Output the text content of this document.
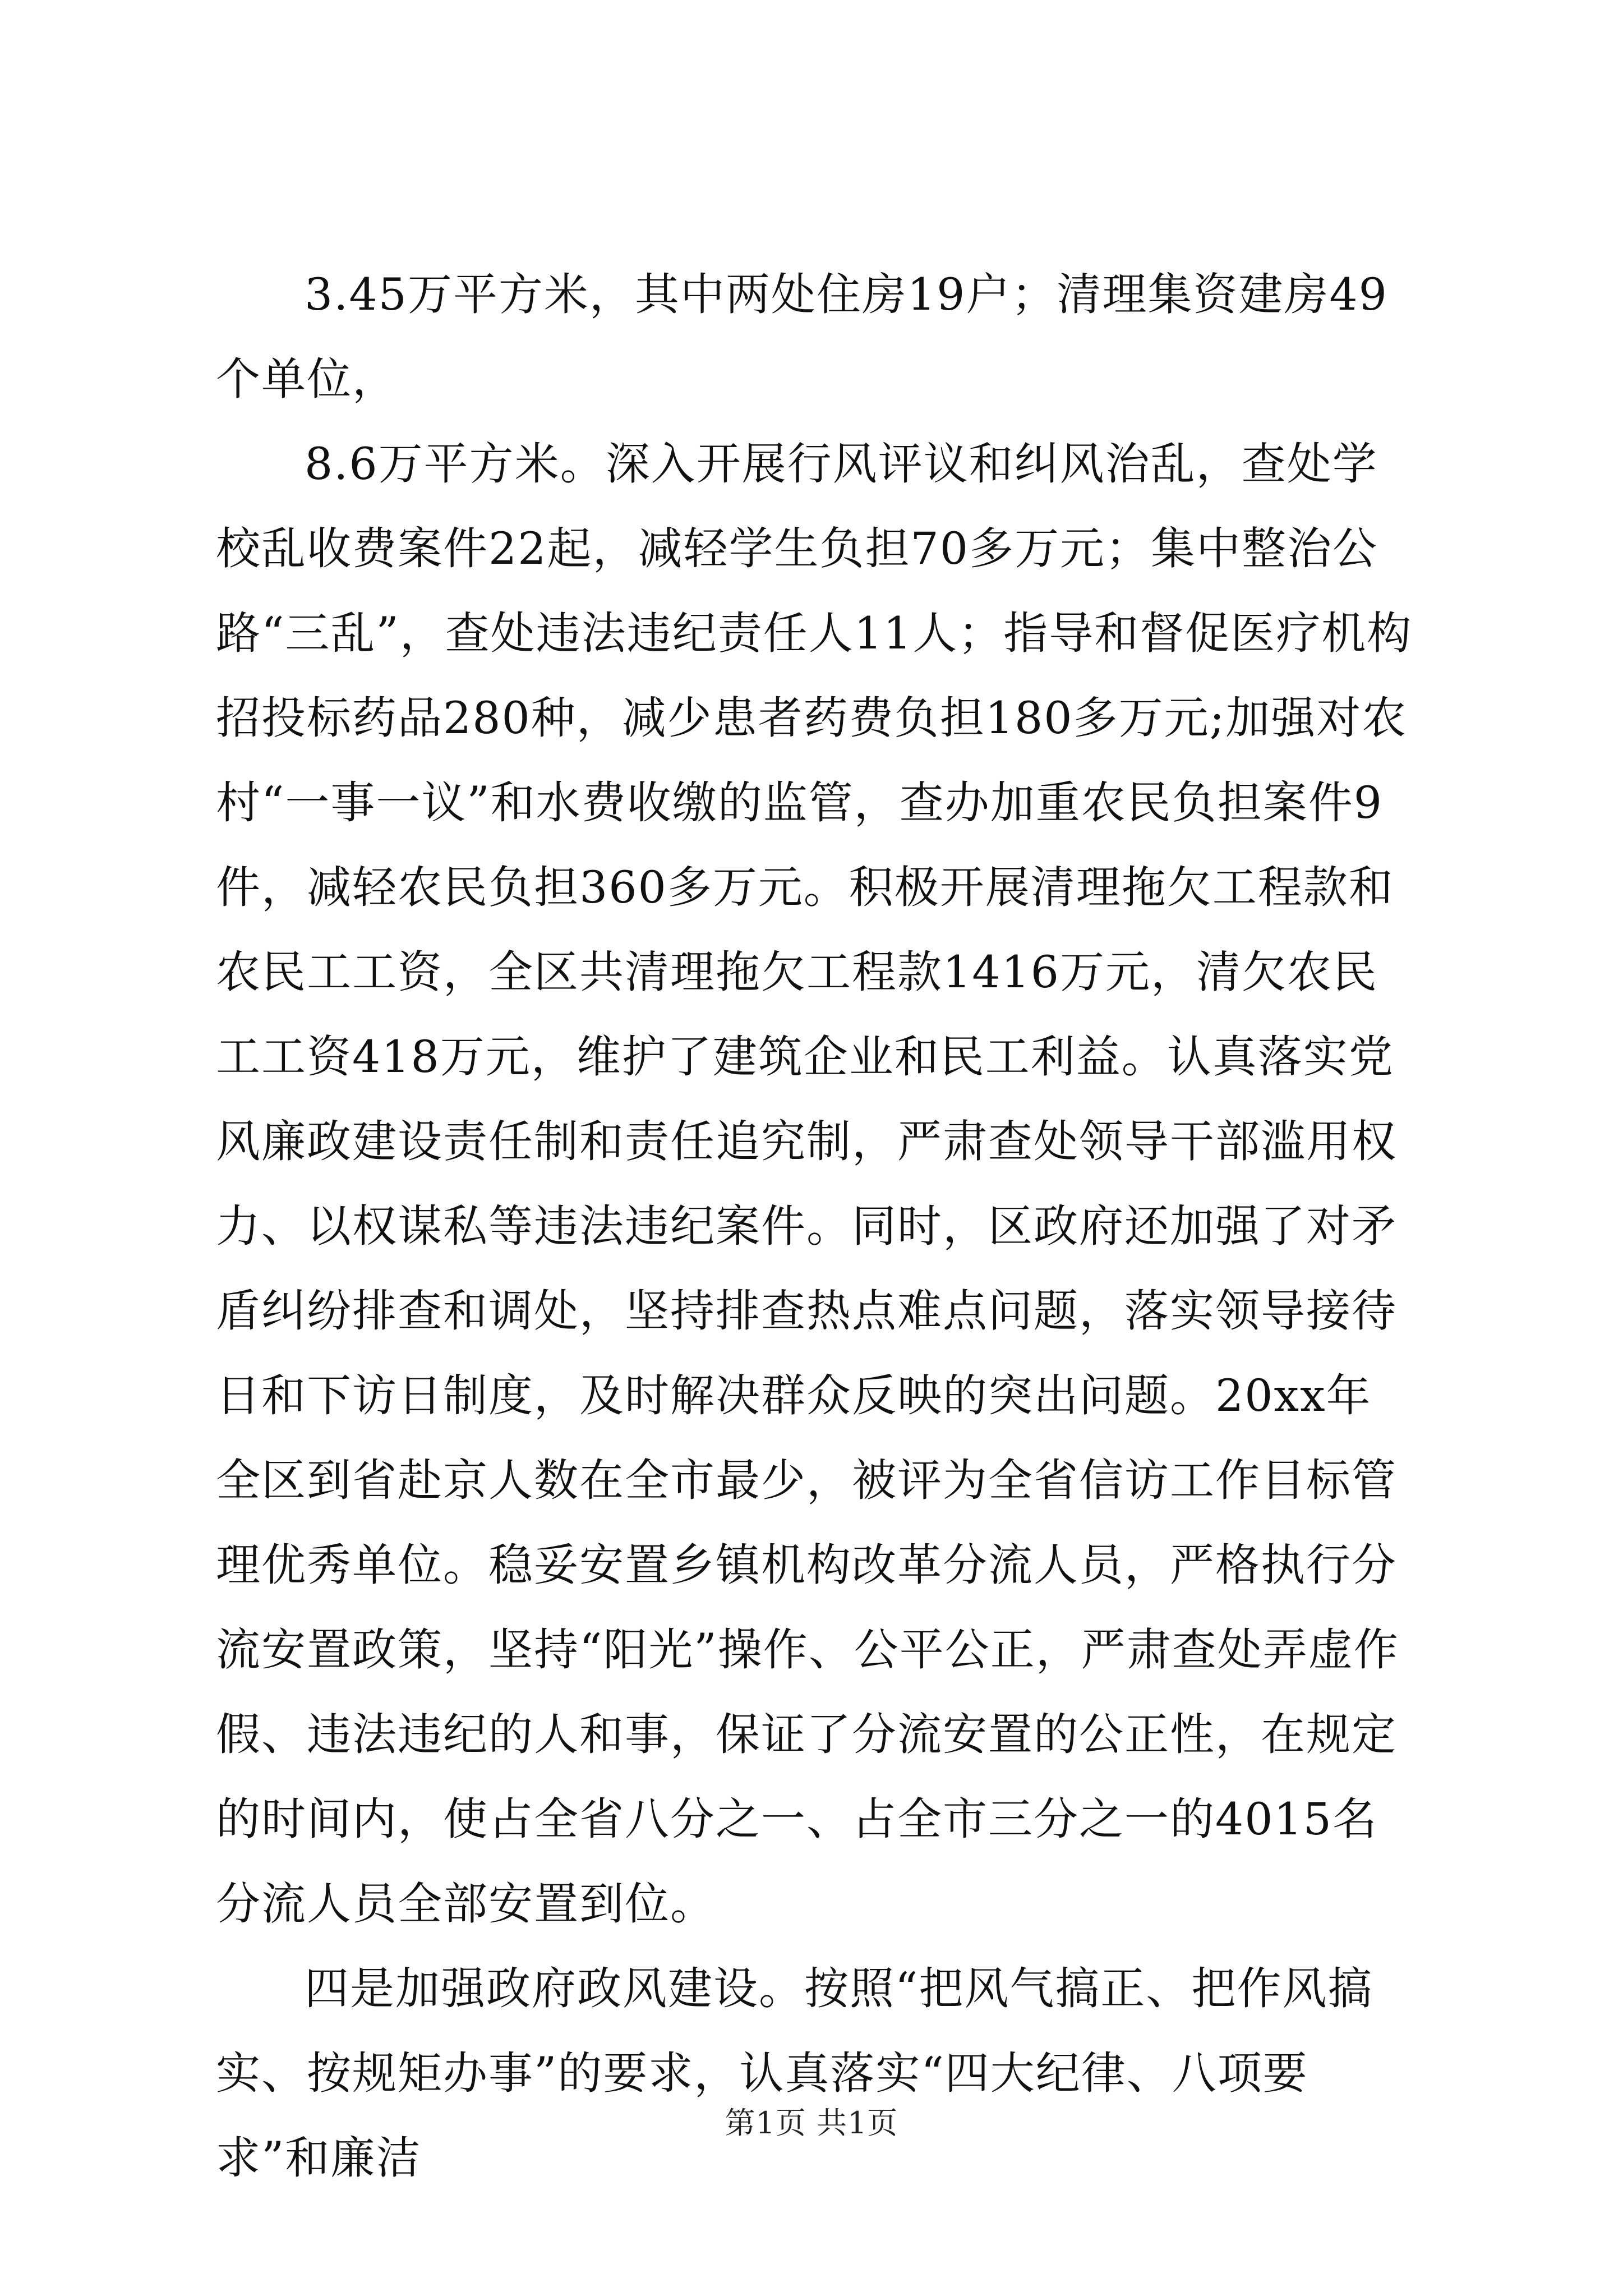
3.45万平方米，其中两处住房19户；清理集资建房49个单位，

8.6万平方米。深入开展行风评议和纠风治乱，查处学校乱收费案件22起，减轻学生负担70多万元；集中整治公路“三乱”，查处违法违纪责任人11人；指导和督促医疗机构招投标药品280种，减少患者药费负担180多万元;加强对农村“一事一议”和水费收缴的监管，查办加重农民负担案件9件，减轻农民负担360多万元。积极开展清理拖欠工程款和农民工工资，全区共清理拖欠工程款1416万元，清欠农民工工资418万元，维护了建筑企业和民工利益。认真落实党风廉政建设责任制和责任追究制，严肃查处领导干部滥用权力、以权谋私等违法违纪案件。同时，区政府还加强了对矛盾纠纷排查和调处，坚持排查热点难点问题，落实领导接待日和下访日制度，及时解决群众反映的突出问题。20xx年全区到省赴京人数在全市最少，被评为全省信访工作目标管理优秀单位。稳妥安置乡镇机构改革分流人员，严格执行分流安置政策，坚持“阳光”操作、公平公正，严肃查处弄虚作假、违法违纪的人和事，保证了分流安置的公正性，在规定的时间内，使占全省八分之一、占全市三分之一的4015名分流人员全部安置到位。

四是加强政府政风建设。按照“把风气搞正、把作风搞实、按规矩办事”的要求，认真落实“四大纪律、八项要求”和廉洁

第1页 共1页
